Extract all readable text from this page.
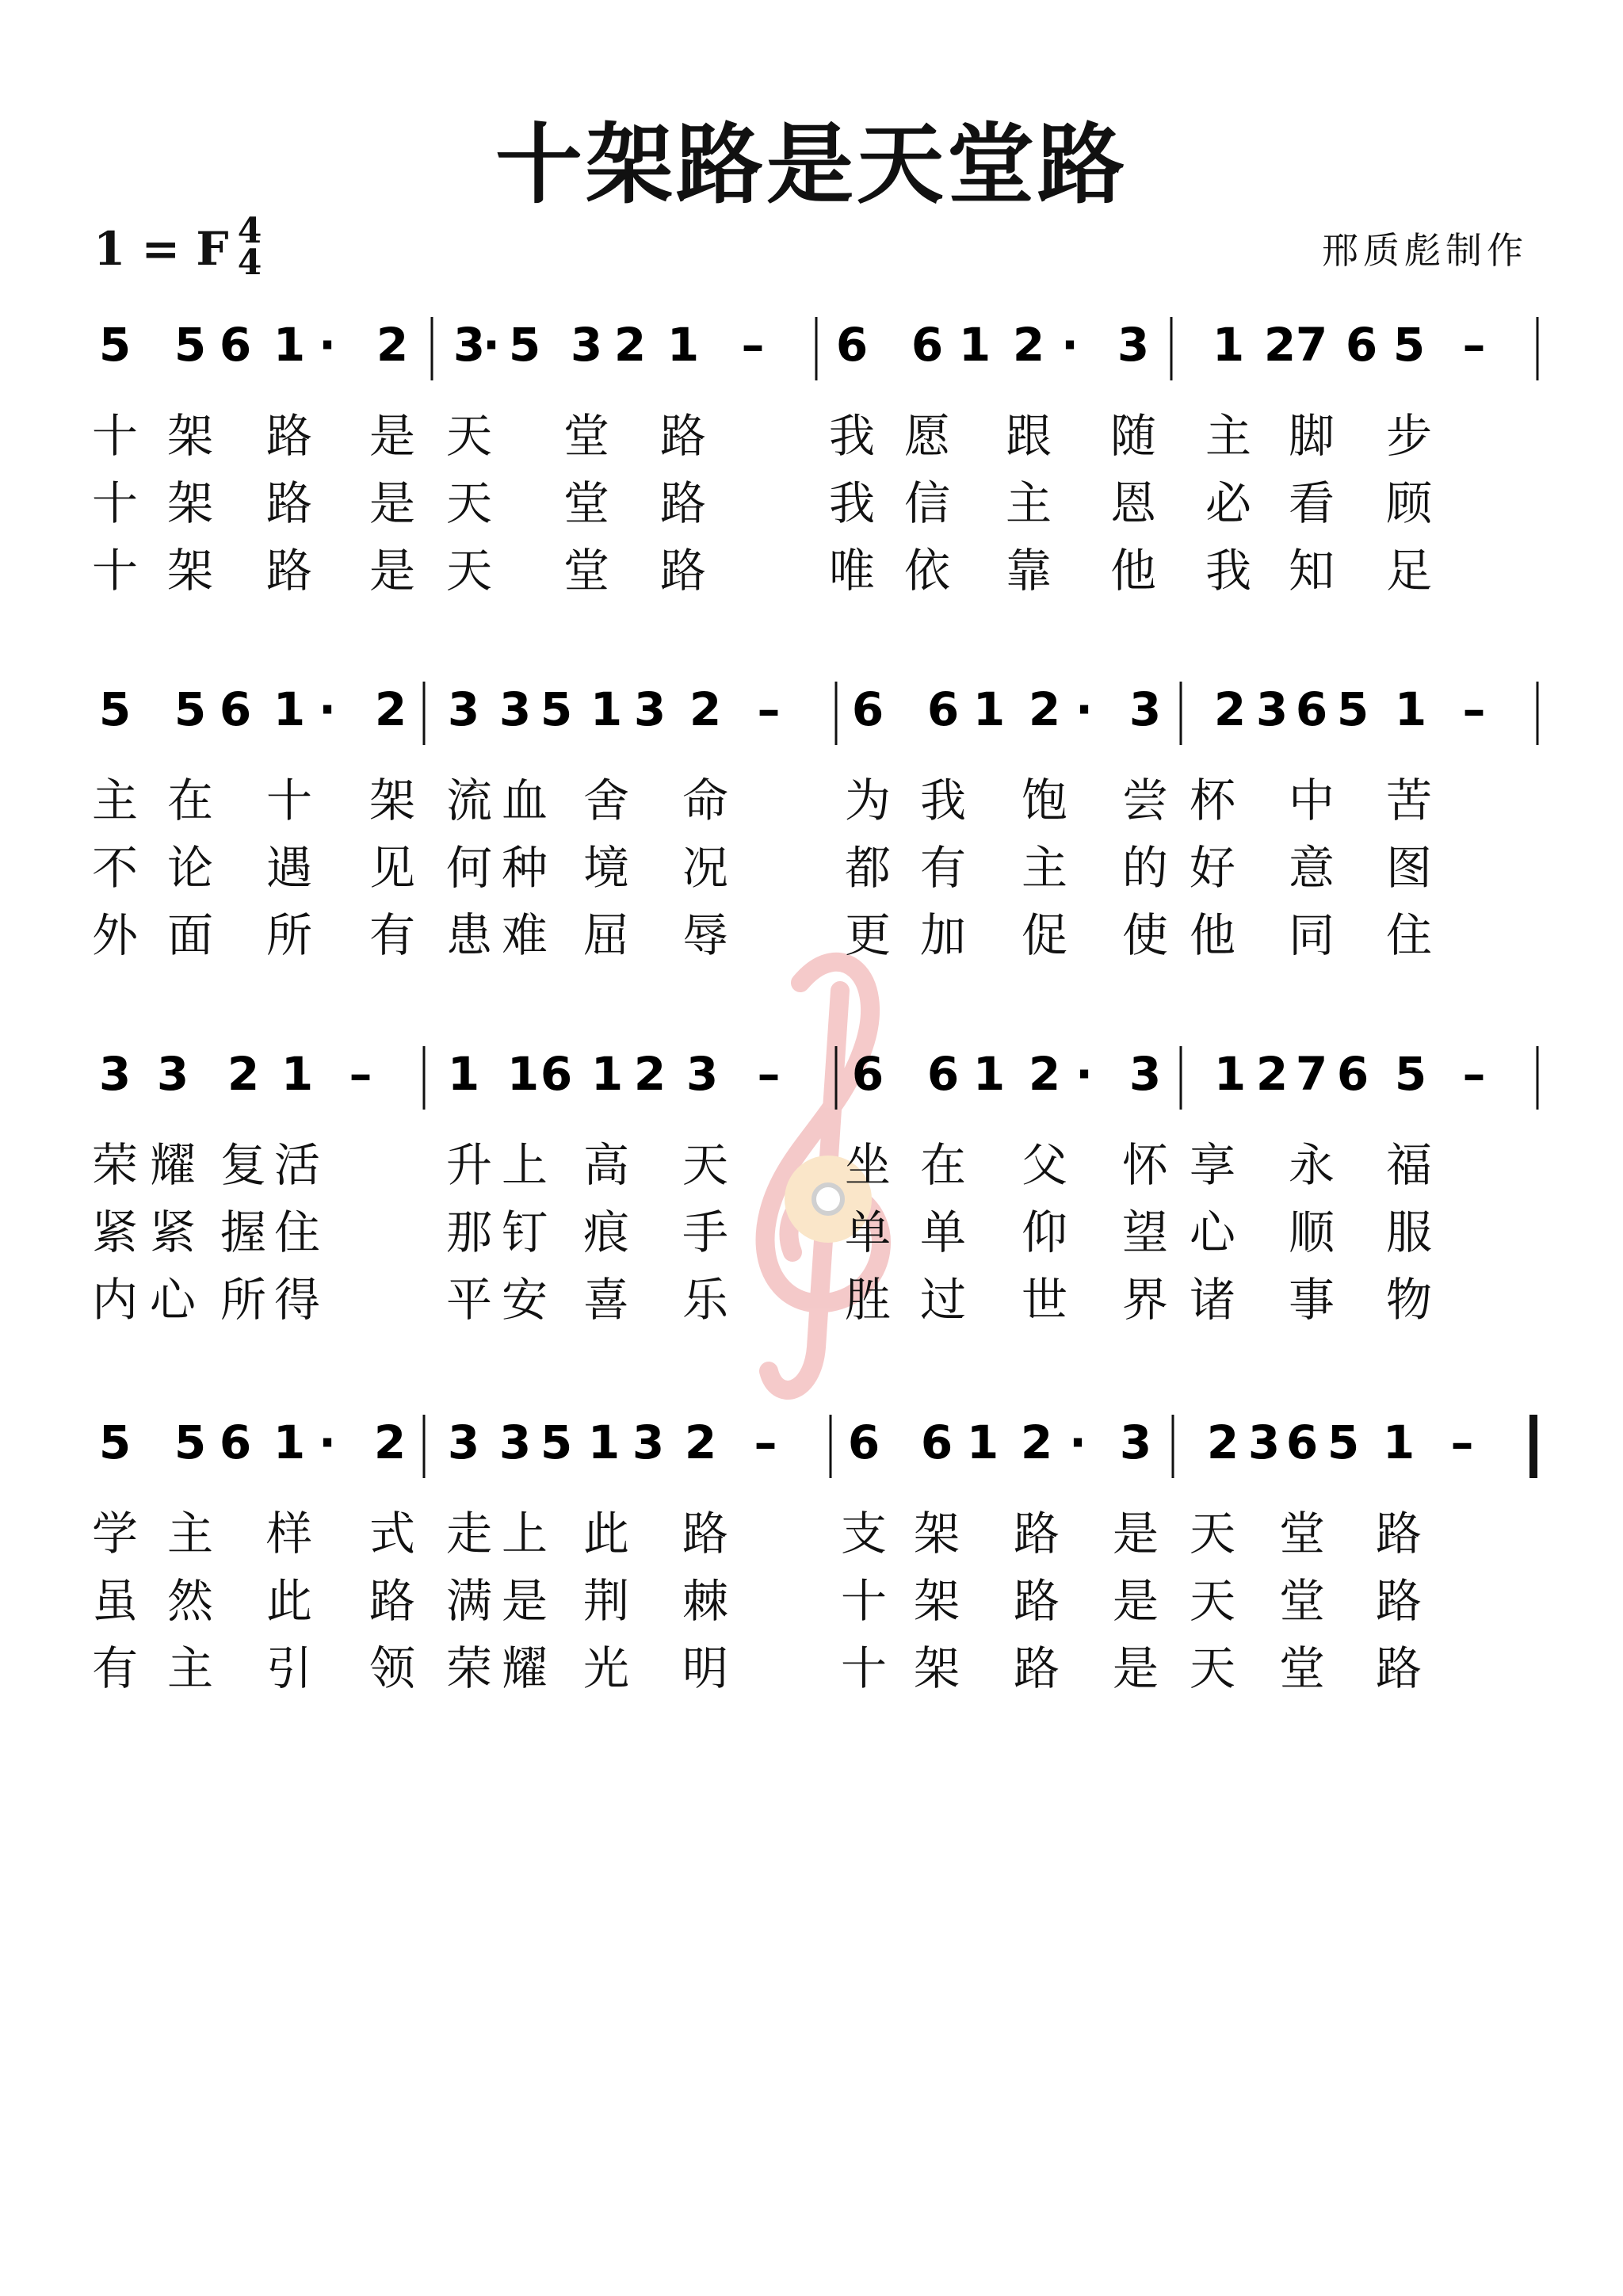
十架路是天堂路
1 = F 4
4	邢质彪制作
5 5 6 1 · 2 3
· 5 3 2 1 – 6 6 1 2 · 3 1 2 7 6 5 –
5 5 6 1 · 2 3 3 5 1 3 2 – 6 6 1 2 · 3 2 3 6 5 1 –
3 3 2 1 – 1 1 6 1 2 3 – 6 6 1 2 · 3 1 2 7 6 5 –
5 5 6 1 · 2 3 3 5 1 3 2 – 6 6 1 2 · 3 2 3 6 5 1 –
十 架 路 是 天 堂 路	我 愿 跟 随 主 脚 步
十 架 路 是 天 堂 路	我 信 主 恩 必 看 顾
十 架 路 是 天 堂 路	唯 依 靠 他 我 知 足
主 在 十 架 流 血 舍 命	为 我 饱 尝 杯 中 苦
不 论 遇 见 何 种 境 况	都 有 主 的 好 意 图
外 面 所 有 患 难 屈 辱	更 加 促 使 他 同 住
荣 耀 复 活	升 上 高 天	坐 在 父 怀 享 永 福
紧 紧 握 住	那 钉 痕 手	单 单 仰 望 心 顺 服
内 心 所 得	平 安 喜 乐	胜 过 世 界 诸 事 物
学 主 样 式 走 上 此 路 支 架 路 是 天 堂 路
虽 然 此 路 满 是 荆 棘 十 架 路 是 天 堂 路
有 主 引 领 荣 耀 光 明 十 架 路 是 天 堂 路
